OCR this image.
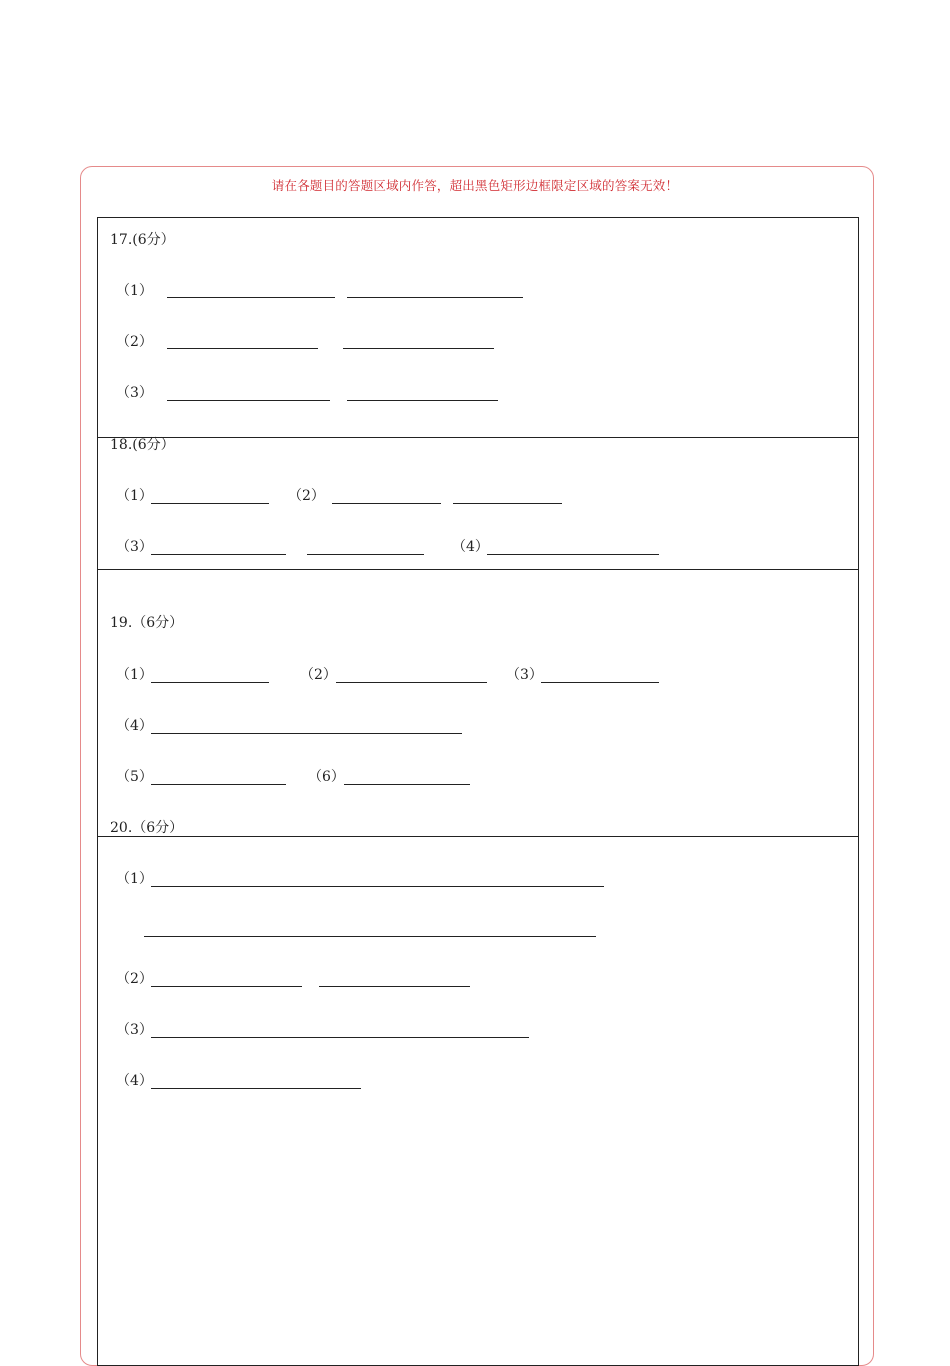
请在各题目的答题区域内作答，超出黑色矩形边框限定区域的答案无效！
17.(6分）
（1）
（2）
（3）
18.(6分）
（1）	（2）
（3）	（4）
19.（6分）
（1）	（2）	（3）
（4）
（5）	（6）
20.（6分）
（1）
（2）
（3）
（4）
